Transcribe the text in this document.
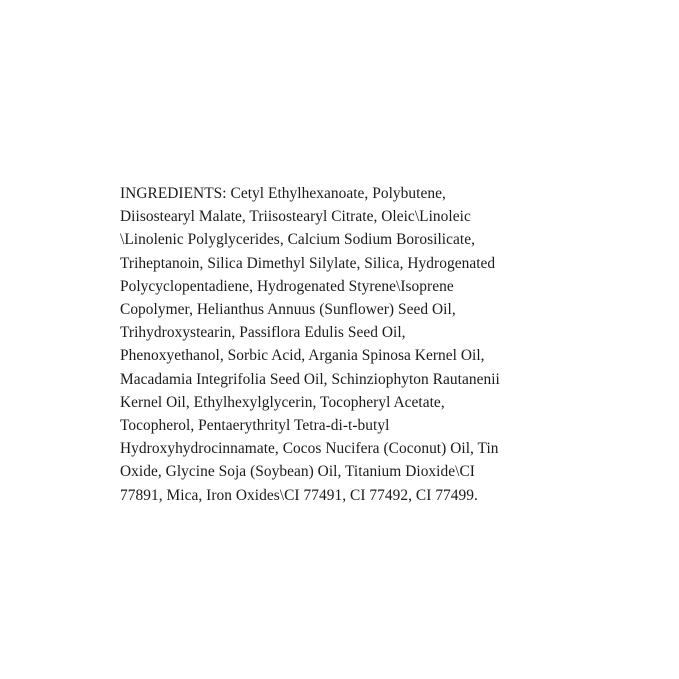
INGREDIENTS: Cetyl Ethylhexanoate, Polybutene,
Diisostearyl Malate, Triisostearyl Citrate, Oleic\Linoleic
\Linolenic Polyglycerides, Calcium Sodium Borosilicate,
Triheptanoin, Silica Dimethyl Silylate, Silica, Hydrogenated
Polycyclopentadiene, Hydrogenated Styrene\Isoprene
Copolymer, Helianthus Annuus (Sunflower) Seed Oil,
Trihydroxystearin, Passiflora Edulis Seed Oil,
Phenoxyethanol, Sorbic Acid, Argania Spinosa Kernel Oil,
Macadamia Integrifolia Seed Oil, Schinziophyton Rautanenii
Kernel Oil, Ethylhexylglycerin, Tocopheryl Acetate,
Tocopherol, Pentaerythrityl Tetra-di-t-butyl
Hydroxyhydrocinnamate, Cocos Nucifera (Coconut) Oil, Tin
Oxide, Glycine Soja (Soybean) Oil, Titanium Dioxide\CI
77891, Mica, Iron Oxides\CI 77491, CI 77492, CI 77499.
